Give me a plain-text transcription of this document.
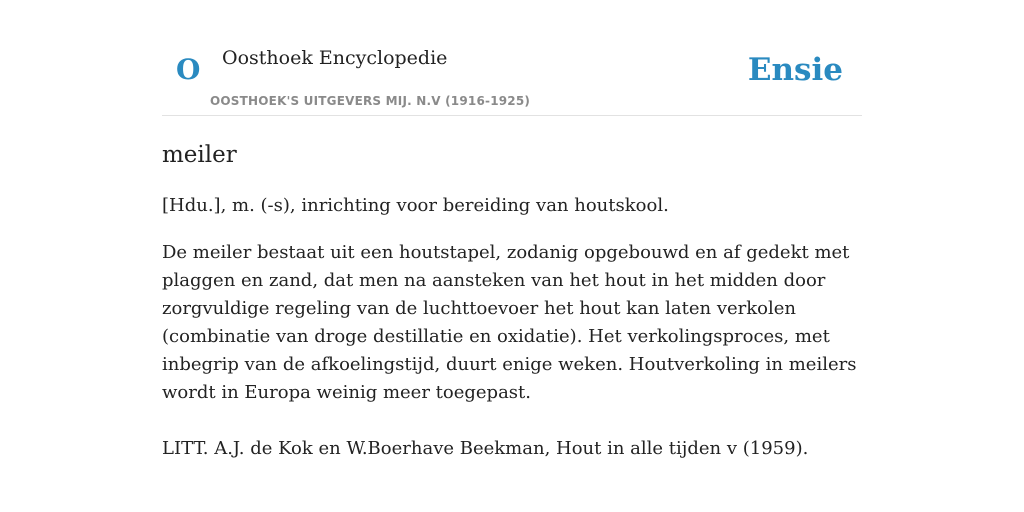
O Oosthoek Encyclopedie
OOSTHOEK'S UITGEVERS MIJ. N.V (1916-1925)
Ensie
meiler
[Hdu.], m. (-s), inrichting voor bereiding van houtskool.
De meiler bestaat uit een houtstapel, zodanig opgebouwd en af gedekt met plaggen en zand, dat men na aansteken van het hout in het midden door zorgvuldige regeling van de luchttoevoer het hout kan laten verkolen (combinatie van droge destillatie en oxidatie). Het verkolingsproces, met inbegrip van de afkoelingstijd, duurt enige weken. Houtverkoling in meilers wordt in Europa weinig meer toegepast.
LITT. A.J. de Kok en W.Boerhave Beekman, Hout in alle tijden v (1959).
